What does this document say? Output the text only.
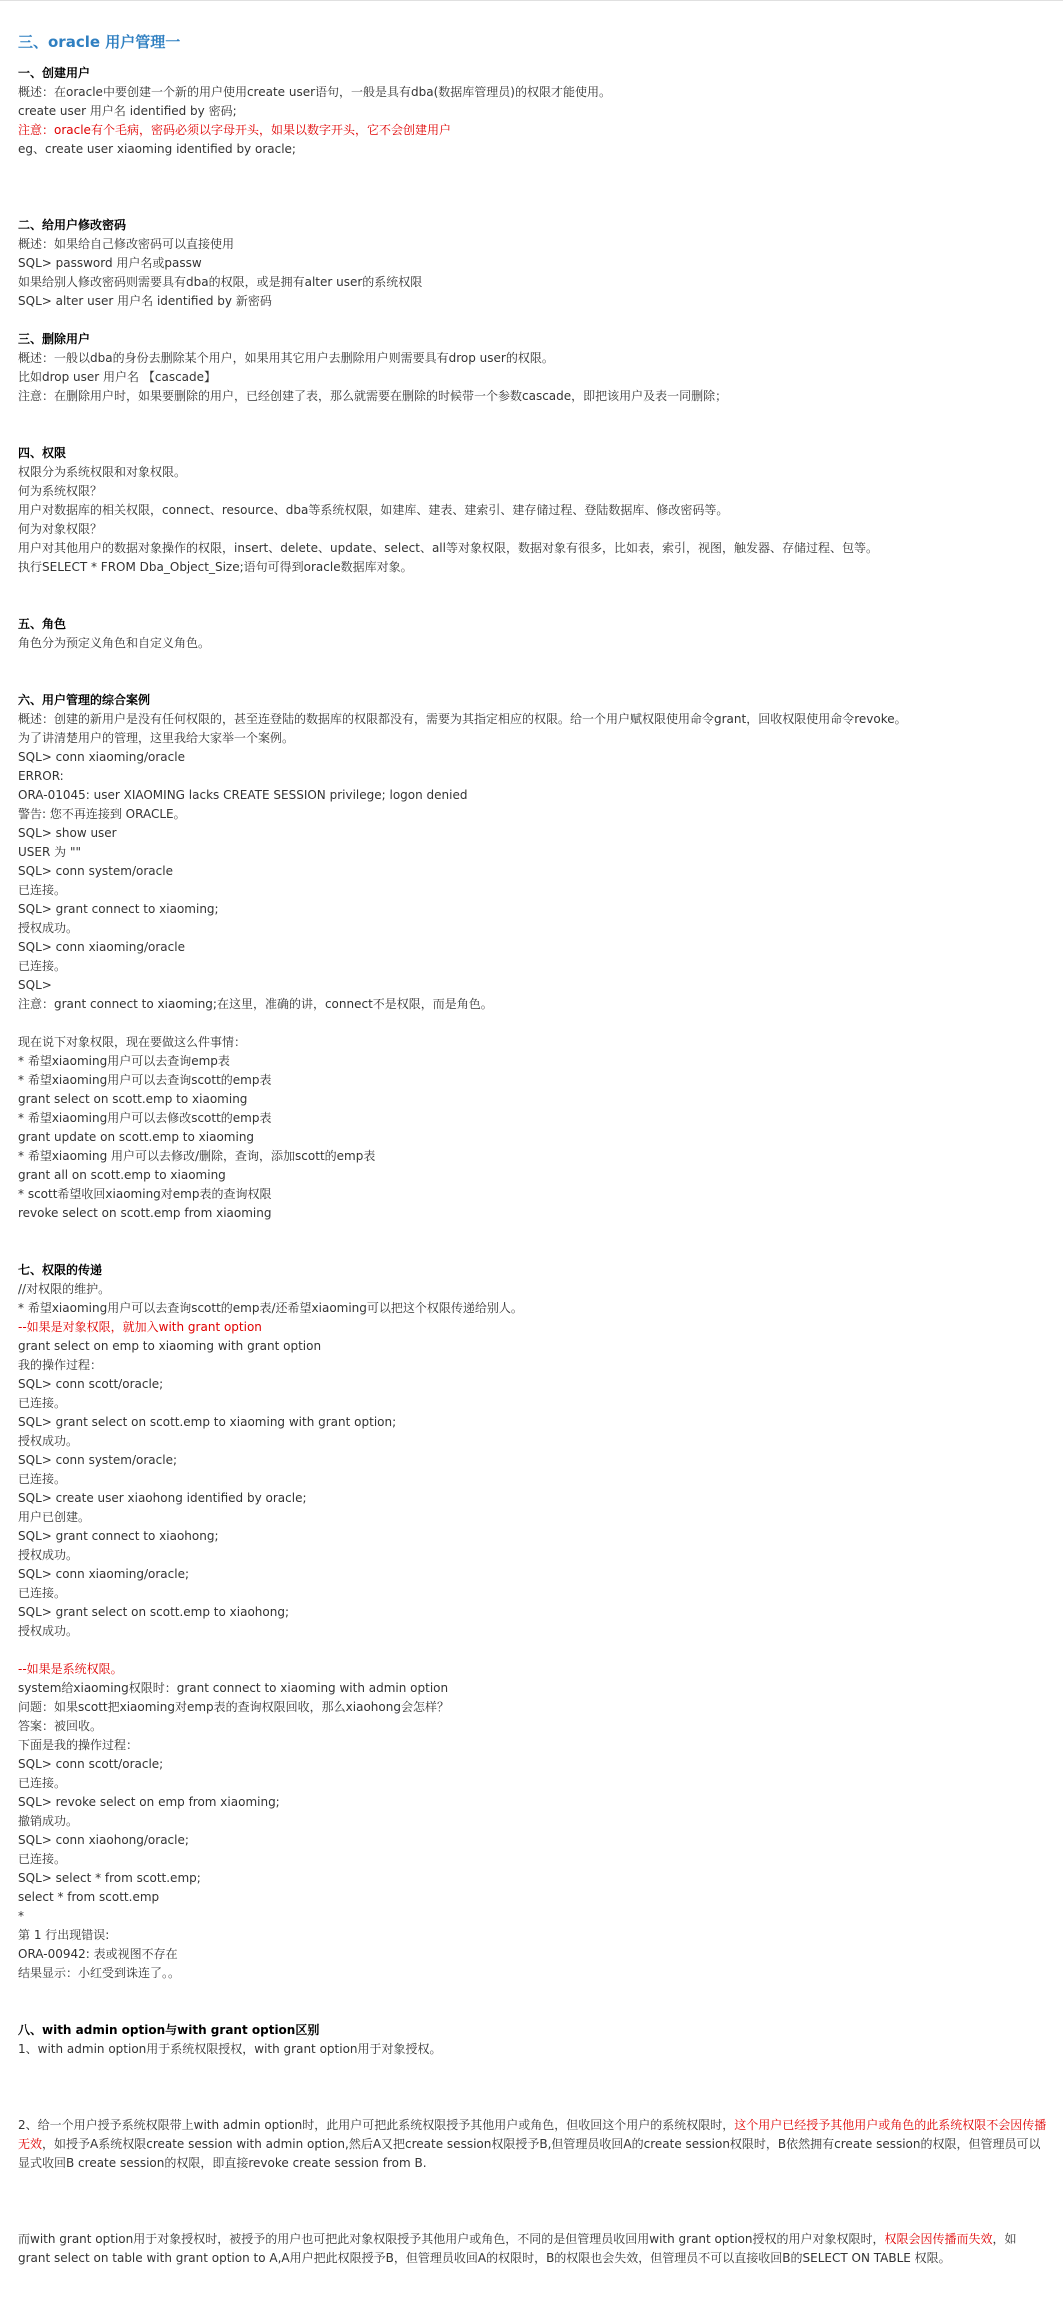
三、oracle 用户管理一
一、创建用户
概述：在oracle中要创建一个新的用户使用create user语句，一般是具有dba(数据库管理员)的权限才能使用。
create user 用户名 identified by 密码;
注意：oracle有个毛病，密码必须以字母开头，如果以数字开头，它不会创建用户
eg、create user xiaoming identified by oracle;
二、给用户修改密码
概述：如果给自己修改密码可以直接使用
SQL> password 用户名或passw
如果给别人修改密码则需要具有dba的权限，或是拥有alter user的系统权限
SQL> alter user 用户名 identified by 新密码
三、删除用户
概述：一般以dba的身份去删除某个用户，如果用其它用户去删除用户则需要具有drop user的权限。
比如drop user 用户名 【cascade】
注意：在删除用户时，如果要删除的用户，已经创建了表，那么就需要在删除的时候带一个参数cascade，即把该用户及表一同删除；
四、权限
权限分为系统权限和对象权限。
何为系统权限？
用户对数据库的相关权限，connect、resource、dba等系统权限，如建库、建表、建索引、建存储过程、登陆数据库、修改密码等。
何为对象权限？
用户对其他用户的数据对象操作的权限，insert、delete、update、select、all等对象权限，数据对象有很多，比如表，索引，视图，触发器、存储过程、包等。
执行SELECT * FROM Dba_Object_Size;语句可得到oracle数据库对象。
五、角色
角色分为预定义角色和自定义角色。
六、用户管理的综合案例
概述：创建的新用户是没有任何权限的，甚至连登陆的数据库的权限都没有，需要为其指定相应的权限。给一个用户赋权限使用命令grant，回收权限使用命令revoke。
为了讲清楚用户的管理，这里我给大家举一个案例。
SQL> conn xiaoming/oracle
ERROR:
ORA-01045: user XIAOMING lacks CREATE SESSION privilege; logon denied
警告: 您不再连接到 ORACLE。
SQL> show user
USER 为 ""
SQL> conn system/oracle
已连接。
SQL> grant connect to xiaoming;
授权成功。
SQL> conn xiaoming/oracle
已连接。
SQL>
注意：grant connect to xiaoming;在这里，准确的讲，connect不是权限，而是角色。
现在说下对象权限，现在要做这么件事情：
* 希望xiaoming用户可以去查询emp表
* 希望xiaoming用户可以去查询scott的emp表
grant select on scott.emp to xiaoming
* 希望xiaoming用户可以去修改scott的emp表
grant update on scott.emp to xiaoming
* 希望xiaoming 用户可以去修改/删除，查询，添加scott的emp表
grant all on scott.emp to xiaoming
* scott希望收回xiaoming对emp表的查询权限
revoke select on scott.emp from xiaoming
七、权限的传递
//对权限的维护。
* 希望xiaoming用户可以去查询scott的emp表/还希望xiaoming可以把这个权限传递给别人。
--如果是对象权限，就加入with grant option
grant select on emp to xiaoming with grant option
我的操作过程：
SQL> conn scott/oracle;
已连接。
SQL> grant select on scott.emp to xiaoming with grant option;
授权成功。
SQL> conn system/oracle;
已连接。
SQL> create user xiaohong identified by oracle;
用户已创建。
SQL> grant connect to xiaohong;
授权成功。
SQL> conn xiaoming/oracle;
已连接。
SQL> grant select on scott.emp to xiaohong;
授权成功。
--如果是系统权限。
system给xiaoming权限时：grant connect to xiaoming with admin option
问题：如果scott把xiaoming对emp表的查询权限回收，那么xiaohong会怎样？
答案：被回收。
下面是我的操作过程：
SQL> conn scott/oracle;
已连接。
SQL> revoke select on emp from xiaoming;
撤销成功。
SQL> conn xiaohong/oracle;
已连接。
SQL> select * from scott.emp;
select * from scott.emp
*
第 1 行出现错误:
ORA-00942: 表或视图不存在
结果显示：小红受到诛连了。。
八、with admin option与with grant option区别
1、with admin option用于系统权限授权，with grant option用于对象授权。
2、给一个用户授予系统权限带上with admin option时，此用户可把此系统权限授予其他用户或角色，但收回这个用户的系统权限时，这个用户已经授予其他用户或角色的此系统权限不会因传播无效，如授予A系统权限create session with admin option,然后A又把create session权限授予B,但管理员收回A的create session权限时，B依然拥有create session的权限，但管理员可以显式收回B create session的权限，即直接revoke create session from B.
而with grant option用于对象授权时，被授予的用户也可把此对象权限授予其他用户或角色，不同的是但管理员收回用with grant option授权的用户对象权限时，权限会因传播而失效，如grant select on table with grant option to A,A用户把此权限授予B，但管理员收回A的权限时，B的权限也会失效，但管理员不可以直接收回B的SELECT ON TABLE 权限。
